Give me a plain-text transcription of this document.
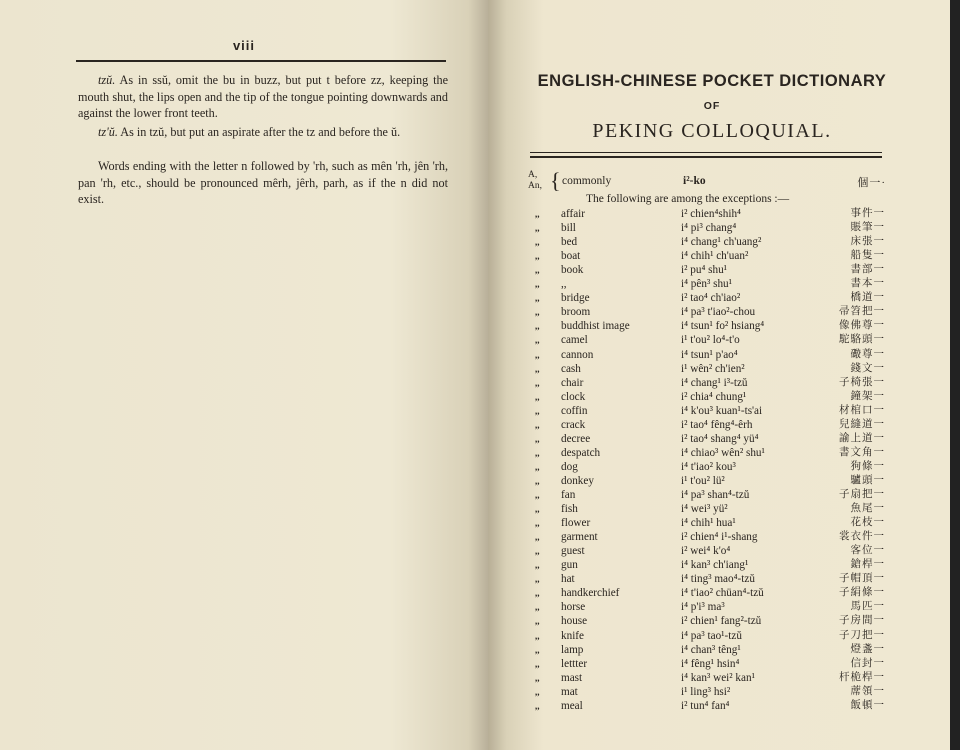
viii
tzŭ. As in ssŭ, omit the bu in buzz, but put t before zz, keeping the mouth shut, the lips open and the tip of the tongue pointing downwards and against the lower front teeth.
tz'ŭ. As in tzŭ, but put an aspirate after the tz and before the ŭ.
Words ending with the letter n followed by 'rh, such as mên 'rh, jên 'rh, pan 'rh, etc., should be pronounced mêrh, jêrh, parh, as if the n did not exist.
ENGLISH-CHINESE POCKET DICTIONARY
OF
PEKING COLLOQUIAL.
A,
An, { commonly	i²-ko	個一·
The following are among the exceptions :—
,, affair	i² chien⁴shih⁴	事件一
,, bill	i⁴ pi³ chang⁴	賬筆一
,, bed	i⁴ chang¹ ch'uang²	床張一
,, boat	i⁴ chih¹ ch'uan²	船隻一
,, book	i² pu⁴ shu¹	書部一
,, ,,	i⁴ pên³ shu¹	書本一
,, bridge	i² tao⁴ ch'iao²	橋道一
,, broom	i⁴ pa³ t'iao²-chou	帚笤把一
,, buddhist image	i⁴ tsun¹ fo² hsiang⁴	像佛尊一
,, camel	i¹ t'ou² lo⁴-t'o	駝駱頭一
,, cannon	i⁴ tsun¹ p'ao⁴	礮尊一
,, cash	i¹ wên² ch'ien²	錢文一
,, chair	i⁴ chang¹ i³-tzŭ	子椅張一
,, clock	i² chia⁴ chung¹	鐘架一
,, coffin	i⁴ k'ou³ kuan¹-ts'ai	材棺口一
,, crack	i² tao⁴ fêng⁴-êrh	兒縫道一
,, decree	i² tao⁴ shang⁴ yü⁴	諭上道一
,, despatch	i⁴ chiao³ wên² shu¹	書文角一
,, dog	i⁴ t'iao² kou³	狗條一
,, donkey	i¹ t'ou² lü²	驢頭一
,, fan	i⁴ pa³ shan⁴-tzŭ	子扇把一
,, fish	i⁴ wei³ yü²	魚尾一
,, flower	i⁴ chih¹ hua¹	花枝一
,, garment	i² chien⁴ i¹-shang	裳衣件一
,, guest	i² wei⁴ k'o⁴	客位一
,, gun	i⁴ kan³ ch'iang¹	鎗桿一
,, hat	i⁴ ting³ mao⁴-tzŭ	子帽頂一
,, handkerchief	i⁴ t'iao² chüan⁴-tzŭ	子絹條一
,, horse	i⁴ p'i³ ma³	馬匹一
,, house	i² chien¹ fang²-tzŭ	子房間一
,, knife	i⁴ pa³ tao¹-tzŭ	子刀把一
,, lamp	i⁴ chan³ têng¹	燈盞一
,, lettter	i⁴ fêng¹ hsin⁴	信封一
,, mast	i⁴ kan³ wei² kan¹	杆桅桿一
,, mat	i¹ ling³ hsi²	蓆領一
,, meal	i² tun⁴ fan⁴	飯頓一
